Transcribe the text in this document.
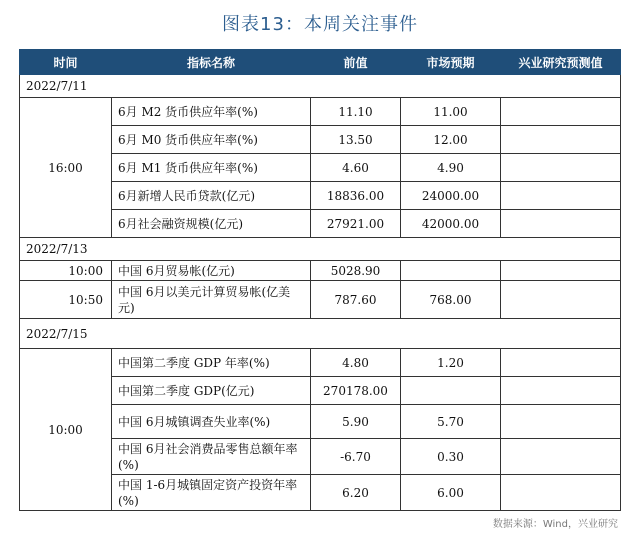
图表13：本周关注事件
时间	指标名称	前值	市场预期	兴业研究预测值
2022/7/11				
16:00	6月 M2 货币供应年率(%)	11.10	11.00	
	6月 M0 货币供应年率(%)	13.50	12.00	
	6月 M1 货币供应年率(%)	4.60	4.90	
	6月新增人民币贷款(亿元)	18836.00	24000.00	
	6月社会融资规模(亿元)	27921.00	42000.00	
2022/7/13				
10:00	中国 6月贸易帐(亿元)	5028.90		
10:50	中国 6月以美元计算贸易帐(亿美元)	787.60	768.00	
2022/7/15				
10:00	中国第二季度 GDP 年率(%)	4.80	1.20	
	中国第二季度 GDP(亿元)	270178.00		
	中国 6月城镇调查失业率(%)	5.90	5.70	
	中国 6月社会消费品零售总额年率(%)	-6.70	0.30	
	中国 1-6月城镇固定资产投资年率(%)	6.20	6.00	
数据来源：Wind，兴业研究
